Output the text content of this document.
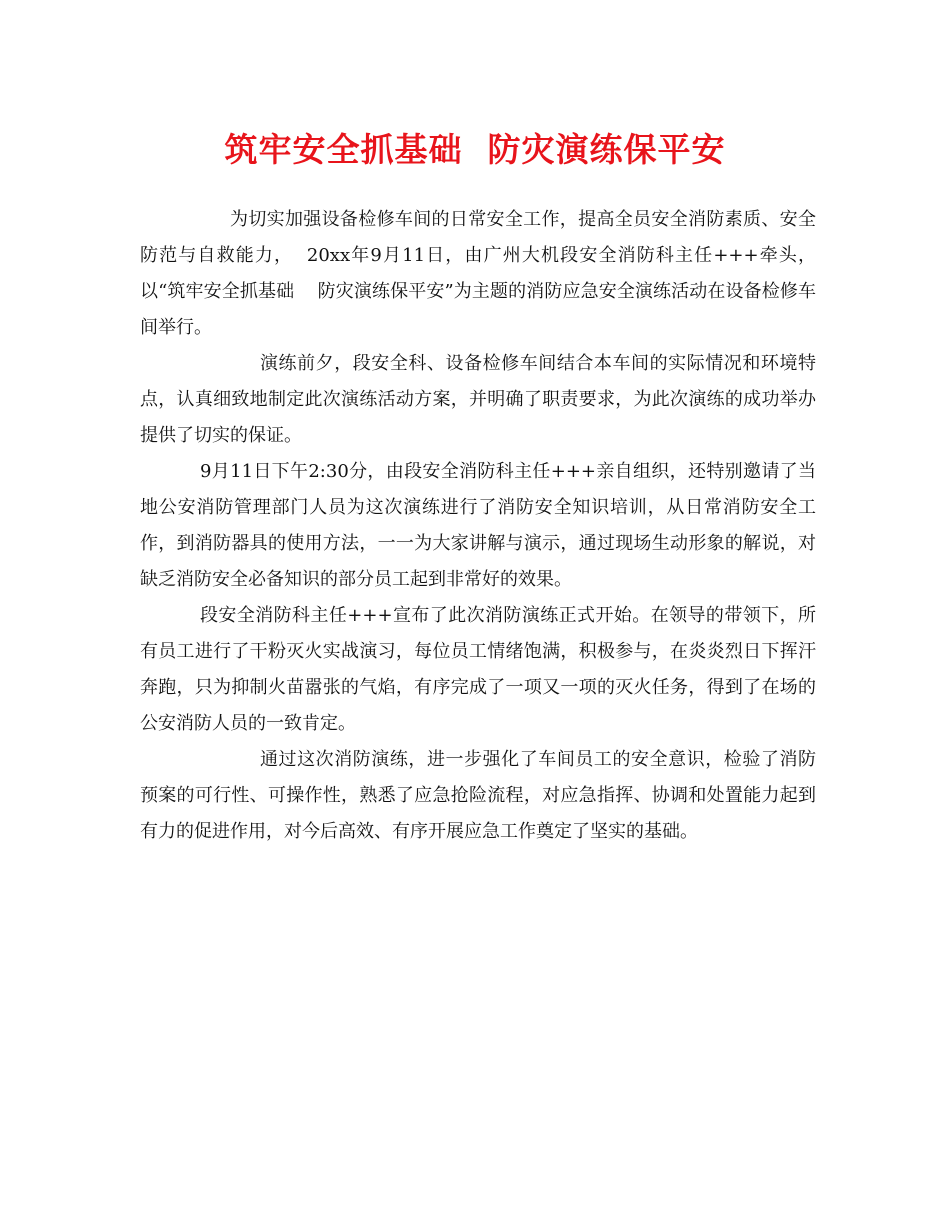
筑牢安全抓基础  防灾演练保平安

为切实加强设备检修车间的日常安全工作，提高全员安全消防素质、安全防范与自救能力，  20xx年9月11日，由广州大机段安全消防科主任+++牵头，以“筑牢安全抓基础    防灾演练保平安”为主题的消防应急安全演练活动在设备检修车间举行。

演练前夕，段安全科、设备检修车间结合本车间的实际情况和环境特点，认真细致地制定此次演练活动方案，并明确了职责要求，为此次演练的成功举办提供了切实的保证。

9月11日下午2:30分，由段安全消防科主任+++亲自组织，还特别邀请了当地公安消防管理部门人员为这次演练进行了消防安全知识培训，从日常消防安全工作，到消防器具的使用方法，一一为大家讲解与演示，通过现场生动形象的解说，对缺乏消防安全必备知识的部分员工起到非常好的效果。

段安全消防科主任+++宣布了此次消防演练正式开始。在领导的带领下，所有员工进行了干粉灭火实战演习，每位员工情绪饱满，积极参与，在炎炎烈日下挥汗奔跑，只为抑制火苗嚣张的气焰，有序完成了一项又一项的灭火任务，得到了在场的公安消防人员的一致肯定。

通过这次消防演练，进一步强化了车间员工的安全意识，检验了消防预案的可行性、可操作性，熟悉了应急抢险流程，对应急指挥、协调和处置能力起到有力的促进作用，对今后高效、有序开展应急工作奠定了坚实的基础。
